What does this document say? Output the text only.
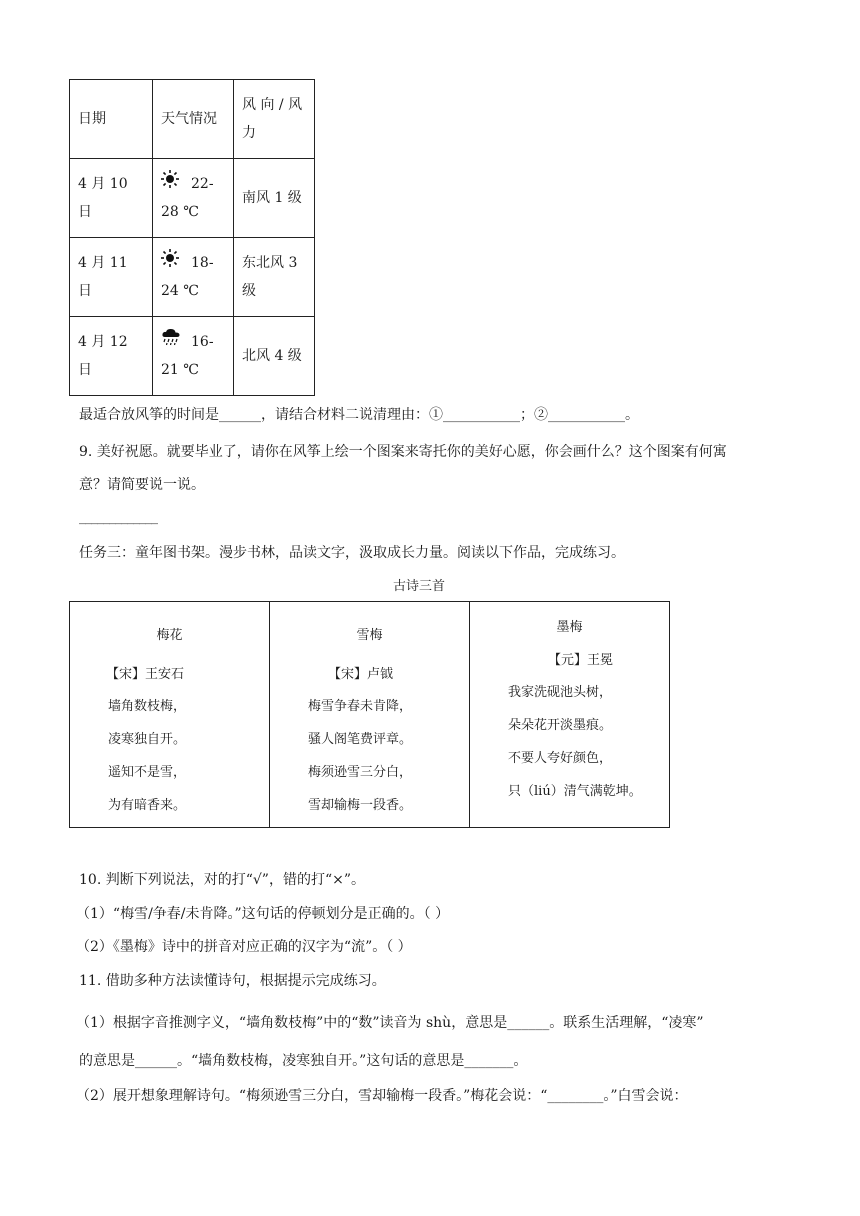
日期	天气情况	风 向 / 风 力
4 月 10 日	22-28 ℃	南风 1 级
4 月 11 日	18-24 ℃	东北风 3 级
4 月 12 日	16-21 ℃	北风 4 级
最适合放风筝的时间是______，请结合材料二说清理由：①___________；②___________。
9. 美好祝愿。就要毕业了，请你在风筝上绘一个图案来寄托你的美好心愿，你会画什么？这个图案有何寓
意？请简要说一说。
_____________
任务三：童年图书架。漫步书林，品读文字，汲取成长力量。阅读以下作品，完成练习。
古诗三首
梅花
【宋】王安石
墙角数枝梅，
凌寒独自开。
遥知不是雪，
为有暗香来。

雪梅
【宋】卢钺
梅雪争春未肯降，
骚人阁笔费评章。
梅须逊雪三分白，
雪却输梅一段香。

墨梅
【元】王冕
我家洗砚池头树，
朵朵花开淡墨痕。
不要人夸好颜色，
只（liú）清气满乾坤。
10. 判断下列说法，对的打“√”，错的打“×”。
（1）“梅雪/争春/未肯降。”这句话的停顿划分是正确的。（ ）
（2）《墨梅》诗中的拼音对应正确的汉字为“流”。（ ）
11. 借助多种方法读懂诗句，根据提示完成练习。
（1）根据字音推测字义，“墙角数枝梅”中的“数”读音为 shù，意思是______。联系生活理解，“凌寒”
的意思是______。“墙角数枝梅，凌寒独自开。”这句话的意思是_______。
（2）展开想象理解诗句。“梅须逊雪三分白，雪却输梅一段香。”梅花会说：“________。”白雪会说：
